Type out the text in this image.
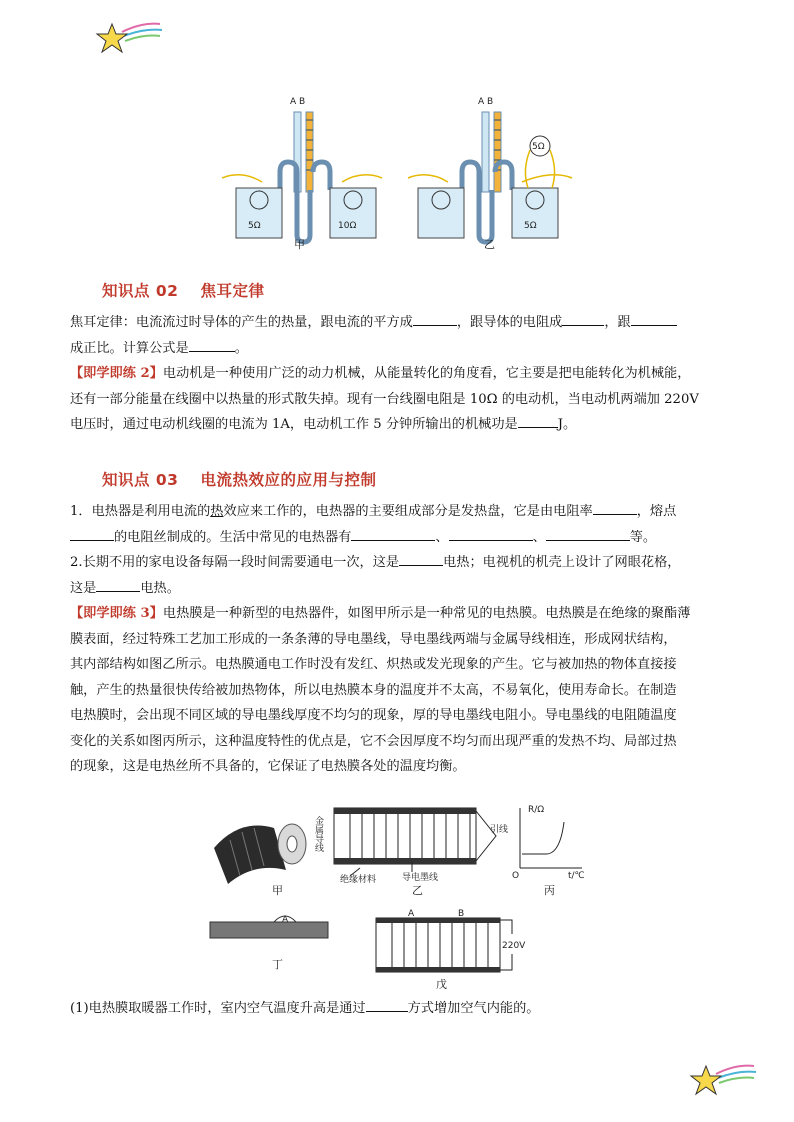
A B
5Ω	10Ω
甲
A B
5Ω
5Ω
乙
知识点 02 焦耳定律
焦耳定律：电流流过时导体的产生的热量，跟电流的平方成	，跟导体的电阻成	，跟
成正比。计算公式是	。
【即学即练 2】电动机是一种使用广泛的动力机械，从能量转化的角度看，它主要是把电能转化为机械能，
还有一部分能量在线圈中以热量的形式散失掉。现有一台线圈电阻是 10Ω 的电动机，当电动机两端加 220V
电压时，通过电动机线圈的电流为 1A，电动机工作 5 分钟所输出的机械功是	J。
知识点 03 电流热效应的应用与控制
1．电热器是利用电流的热效应来工作的，电热器的主要组成部分是发热盘，它是由电阻率	，熔点
的电阻丝制成的。生活中常见的电热器有	、	、	等。
2.长期不用的家电设备每隔一段时间需要通电一次，这是	电热；电视机的机壳上设计了网眼花格，
这是	电热。
【即学即练 3】电热膜是一种新型的电热器件，如图甲所示是一种常见的电热膜。电热膜是在绝缘的聚酯薄
膜表面，经过特殊工艺加工形成的一条条薄的导电墨线，导电墨线两端与金属导线相连，形成网状结构，
其内部结构如图乙所示。电热膜通电工作时没有发红、炽热或发光现象的产生。它与被加热的物体直接接
触，产生的热量很快传给被加热物体，所以电热膜本身的温度并不太高，不易氧化，使用寿命长。在制造
电热膜时，会出现不同区域的导电墨线厚度不均匀的现象，厚的导电墨线电阻小。导电墨线的电阻随温度
变化的关系如图丙所示，这种温度特性的优点是，它不会因厚度不均匀而出现严重的发热不均、局部过热
的现象，这是电热丝所不具备的，它保证了电热膜各处的温度均衡。
甲
金属导线	引线
绝缘材料	导电墨线
乙
R/Ω
t/℃
O
丙
A
丁
A	B
220V
戊
(1)电热膜取暖器工作时，室内空气温度升高是通过	方式增加空气内能的。
